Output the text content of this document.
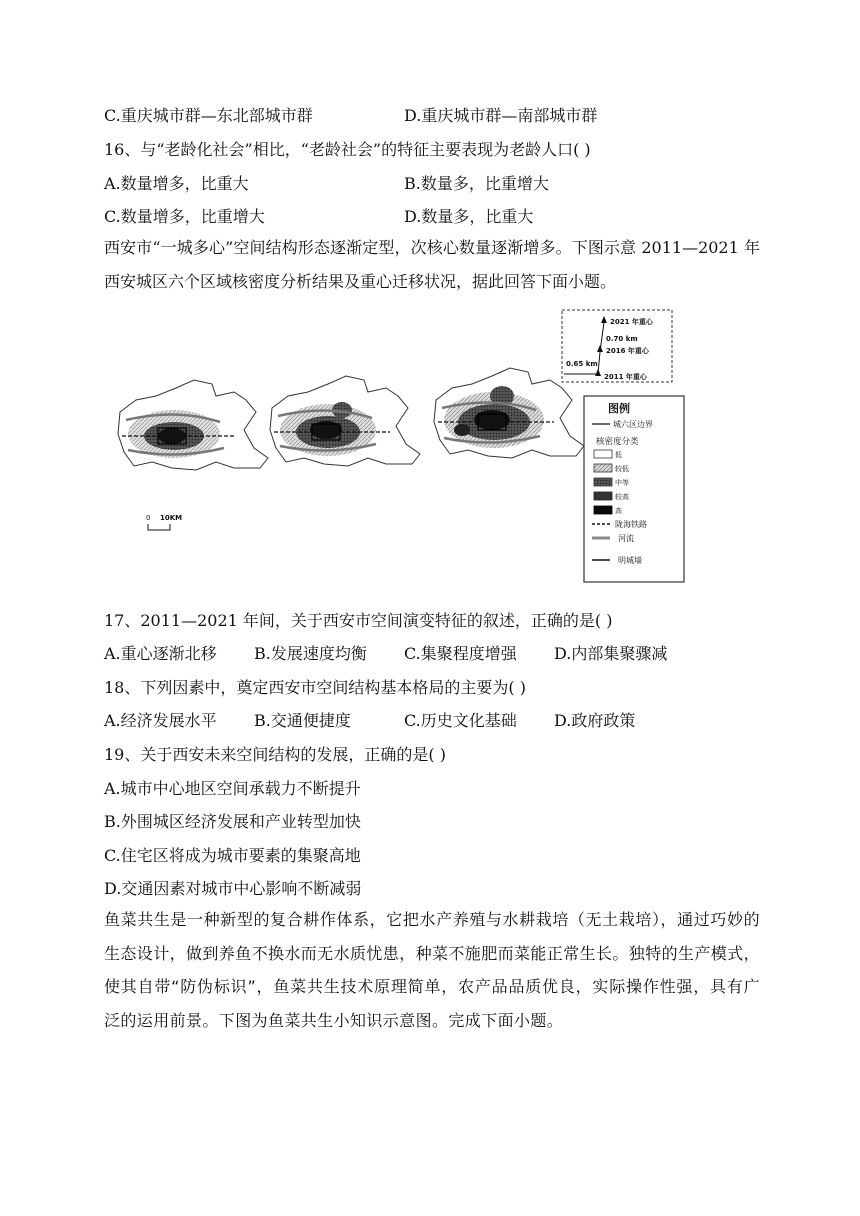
C.重庆城市群—东北部城市群	D.重庆城市群—南部城市群
16、与“老龄化社会”相比，“老龄社会”的特征主要表现为老龄人口( )
A.数量增多，比重大	B.数量多，比重增大
C.数量增多，比重增大	D.数量多，比重大
西安市“一城多心”空间结构形态逐渐定型，次核心数量逐渐增多。下图示意 2011—2021 年西安城区六个区域核密度分析结果及重心迁移状况，据此回答下面小题。
0 10KM
2021 年重心
0.70 km
2016 年重心
0.65 km
2011 年重心
图例
城六区边界
核密度分类
低
较低
中等
较高
高
陇海铁路
河流
明城墙
17、2011—2021 年间，关于西安市空间演变特征的叙述，正确的是( )
A.重心逐渐北移 B.发展速度均衡 C.集聚程度增强 D.内部集聚骤减
18、下列因素中，奠定西安市空间结构基本格局的主要为( )
A.经济发展水平 B.交通便捷度	C.历史文化基础 D.政府政策
19、关于西安未来空间结构的发展，正确的是( )
A.城市中心地区空间承载力不断提升
B.外围城区经济发展和产业转型加快
C.住宅区将成为城市要素的集聚高地
D.交通因素对城市中心影响不断减弱
鱼菜共生是一种新型的复合耕作体系，它把水产养殖与水耕栽培（无土栽培），通过巧妙的生态设计，做到养鱼不换水而无水质忧患，种菜不施肥而菜能正常生长。独特的生产模式，使其自带“防伪标识”，鱼菜共生技术原理简单，农产品品质优良，实际操作性强，具有广泛的运用前景。下图为鱼菜共生小知识示意图。完成下面小题。
